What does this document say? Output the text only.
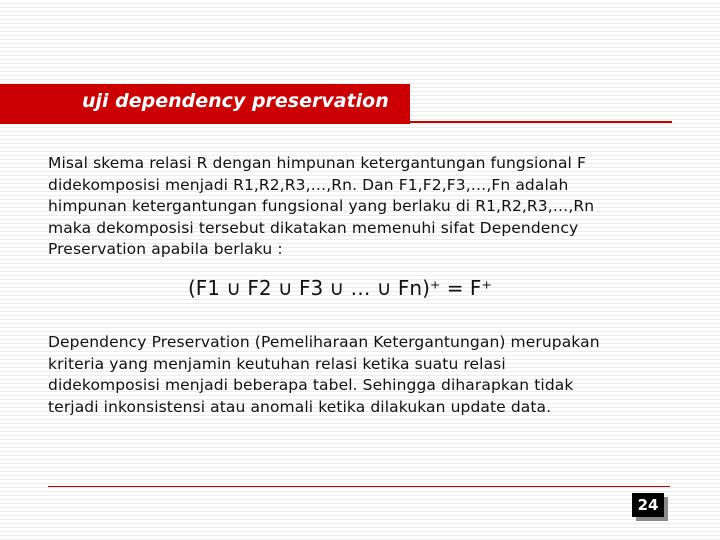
uji dependency preservation
Misal skema relasi R dengan himpunan ketergantungan fungsional F
didekomposisi menjadi R1,R2,R3,…,Rn. Dan F1,F2,F3,…,Fn adalah
himpunan ketergantungan fungsional yang berlaku di R1,R2,R3,…,Rn
maka dekomposisi tersebut dikatakan memenuhi sifat Dependency
Preservation apabila berlaku :
(F1 ∪ F2 ∪ F3 ∪ … ∪ Fn)⁺ = F⁺
Dependency Preservation (Pemeliharaan Ketergantungan) merupakan
kriteria yang menjamin keutuhan relasi ketika suatu relasi
didekomposisi menjadi beberapa tabel. Sehingga diharapkan tidak
terjadi inkonsistensi atau anomali ketika dilakukan update data.
24
